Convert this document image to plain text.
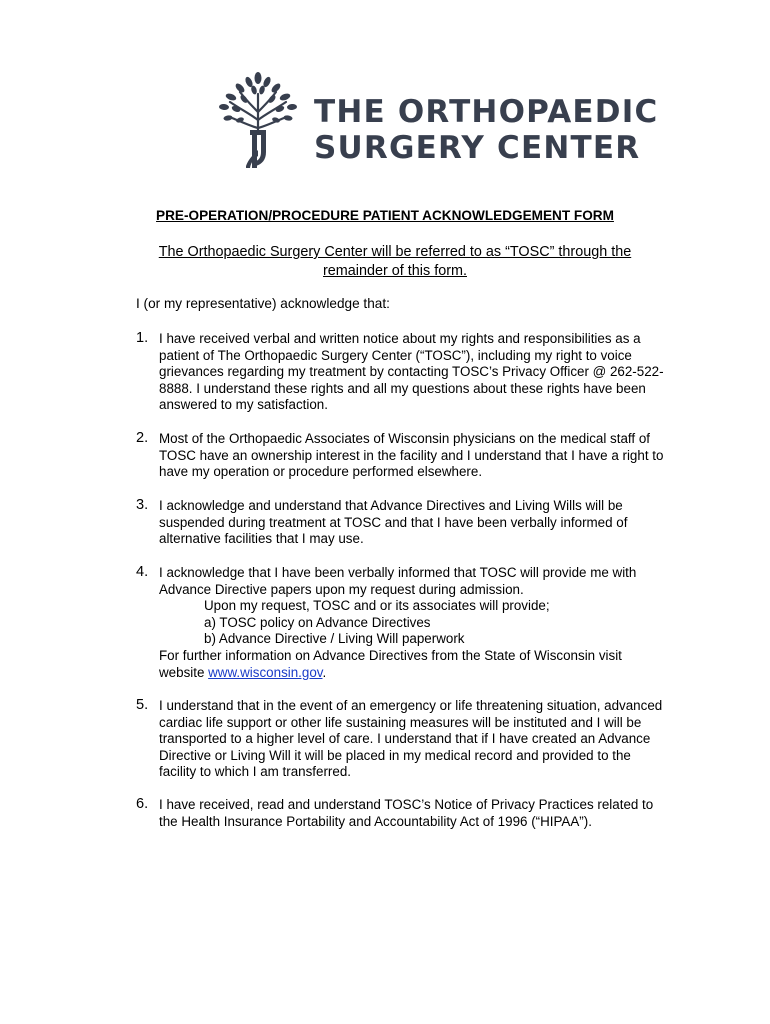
THE ORTHOPAEDIC
SURGERY CENTER
PRE-OPERATION/PROCEDURE PATIENT ACKNOWLEDGEMENT FORM
The Orthopaedic Surgery Center will be referred to as “TOSC” through the remainder of this form.
I (or my representative) acknowledge that:
1. I have received verbal and written notice about my rights and responsibilities as a patient of The Orthopaedic Surgery Center (“TOSC”), including my right to voice grievances regarding my treatment by contacting TOSC’s Privacy Officer @ 262-522-8888. I understand these rights and all my questions about these rights have been answered to my satisfaction.
2. Most of the Orthopaedic Associates of Wisconsin physicians on the medical staff of TOSC have an ownership interest in the facility and I understand that I have a right to have my operation or procedure performed elsewhere.
3. I acknowledge and understand that Advance Directives and Living Wills will be suspended during treatment at TOSC and that I have been verbally informed of alternative facilities that I may use.
4. I acknowledge that I have been verbally informed that TOSC will provide me with Advance Directive papers upon my request during admission.
Upon my request, TOSC and or its associates will provide;
a) TOSC policy on Advance Directives
b) Advance Directive / Living Will paperwork
For further information on Advance Directives from the State of Wisconsin visit website www.wisconsin.gov.
5. I understand that in the event of an emergency or life threatening situation, advanced cardiac life support or other life sustaining measures will be instituted and I will be transported to a higher level of care. I understand that if I have created an Advance Directive or Living Will it will be placed in my medical record and provided to the facility to which I am transferred.
6. I have received, read and understand TOSC’s Notice of Privacy Practices related to the Health Insurance Portability and Accountability Act of 1996 (“HIPAA”).
